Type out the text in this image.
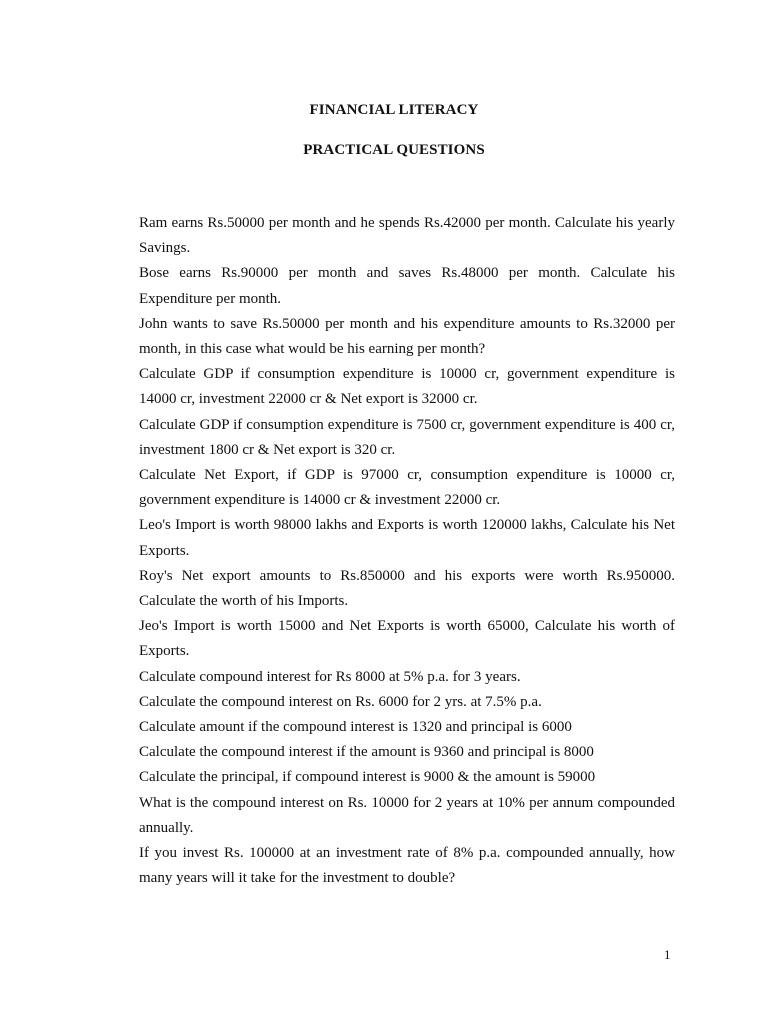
FINANCIAL LITERACY
PRACTICAL QUESTIONS
Ram earns Rs.50000 per month and he spends Rs.42000 per month. Calculate his yearly Savings.
Bose earns Rs.90000 per month and saves Rs.48000 per month. Calculate his Expenditure per month.
John wants to save Rs.50000 per month and his expenditure amounts to Rs.32000 per month, in this case what would be his earning per month?
Calculate GDP if consumption expenditure is 10000 cr, government expenditure is 14000 cr, investment 22000 cr & Net export is 32000 cr.
Calculate GDP if consumption expenditure is 7500 cr, government expenditure is 400 cr, investment 1800 cr & Net export is 320 cr.
Calculate Net Export, if GDP is 97000 cr, consumption expenditure is 10000 cr, government expenditure is 14000 cr & investment 22000 cr.
Leo's Import is worth 98000 lakhs and Exports is worth 120000 lakhs, Calculate his Net Exports.
Roy's Net export amounts to Rs.850000 and his exports were worth Rs.950000. Calculate the worth of his Imports.
Jeo's Import is worth 15000 and Net Exports is worth 65000, Calculate his worth of Exports.
Calculate compound interest for Rs 8000 at 5% p.a. for 3 years.
Calculate the compound interest on Rs. 6000 for 2 yrs. at 7.5% p.a.
Calculate amount if the compound interest is 1320 and principal is 6000
Calculate the compound interest if the amount is 9360 and principal is 8000
Calculate the principal, if compound interest is 9000 & the amount is 59000
What is the compound interest on Rs. 10000 for 2 years at 10% per annum compounded annually.
If you invest Rs. 100000 at an investment rate of 8% p.a. compounded annually, how many years will it take for the investment to double?
1
